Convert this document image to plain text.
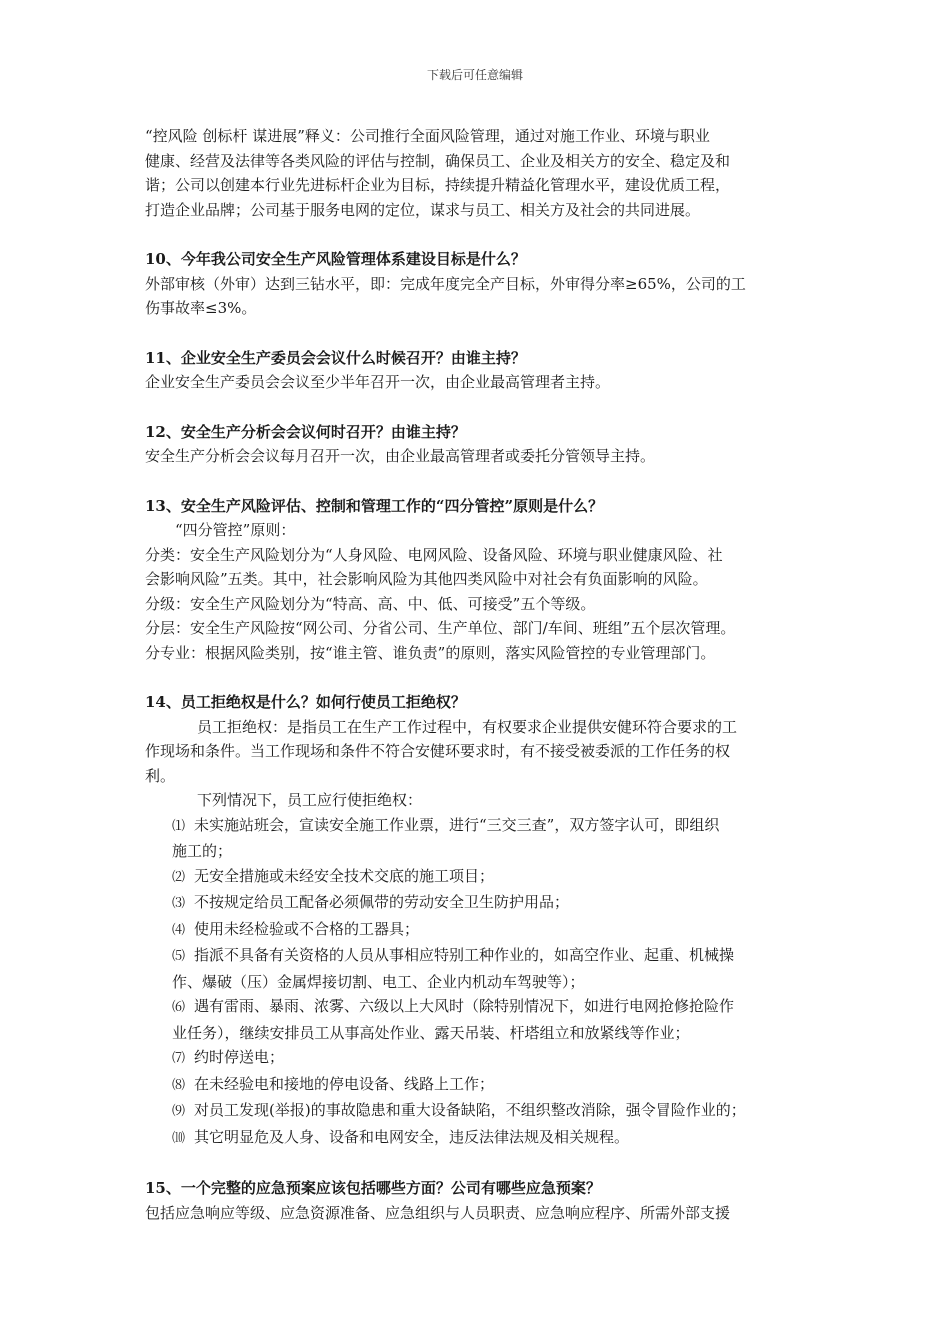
下载后可任意编辑

“控风险 创标杆 谋进展”释义：公司推行全面风险管理，通过对施工作业、环境与职业

健康、经营及法律等各类风险的评估与控制，确保员工、企业及相关方的安全、稳定及和

谐；公司以创建本行业先进标杆企业为目标，持续提升精益化管理水平，建设优质工程，

打造企业品牌；公司基于服务电网的定位，谋求与员工、相关方及社会的共同进展。

10、今年我公司安全生产风险管理体系建设目标是什么？

外部审核（外审）达到三钻水平，即：完成年度完全产目标，外审得分率≥65%，公司的工

伤事故率≤3%。

11、企业安全生产委员会会议什么时候召开？由谁主持？

企业安全生产委员会会议至少半年召开一次，由企业最高管理者主持。

12、安全生产分析会会议何时召开？由谁主持？

安全生产分析会会议每月召开一次，由企业最高管理者或委托分管领导主持。

13、安全生产风险评估、控制和管理工作的“四分管控”原则是什么？

“四分管控”原则：

分类：安全生产风险划分为“人身风险、电网风险、设备风险、环境与职业健康风险、社

会影响风险”五类。其中，社会影响风险为其他四类风险中对社会有负面影响的风险。

分级：安全生产风险划分为“特高、高、中、低、可接受”五个等级。

分层：安全生产风险按“网公司、分省公司、生产单位、部门/车间、班组”五个层次管理。

分专业：根据风险类别，按“谁主管、谁负责”的原则，落实风险管控的专业管理部门。

14、员工拒绝权是什么？如何行使员工拒绝权？

员工拒绝权：是指员工在生产工作过程中，有权要求企业提供安健环符合要求的工

作现场和条件。当工作现场和条件不符合安健环要求时，有不接受被委派的工作任务的权

利。

下列情况下，员工应行使拒绝权：

⑴ 未实施站班会，宣读安全施工作业票，进行“三交三查”，双方签字认可，即组织

施工的；

⑵ 无安全措施或未经安全技术交底的施工项目；

⑶ 不按规定给员工配备必须佩带的劳动安全卫生防护用品；

⑷ 使用未经检验或不合格的工器具；

⑸ 指派不具备有关资格的人员从事相应特别工种作业的，如高空作业、起重、机械操

作、爆破（压）金属焊接切割、电工、企业内机动车驾驶等）；

⑹ 遇有雷雨、暴雨、浓雾、六级以上大风时（除特别情况下，如进行电网抢修抢险作

业任务），继续安排员工从事高处作业、露天吊装、杆塔组立和放紧线等作业；

⑺ 约时停送电；

⑻ 在未经验电和接地的停电设备、线路上工作；

⑼ 对员工发现(举报)的事故隐患和重大设备缺陷，不组织整改消除，强令冒险作业的；

⑽ 其它明显危及人身、设备和电网安全，违反法律法规及相关规程。

15、一个完整的应急预案应该包括哪些方面？公司有哪些应急预案？

包括应急响应等级、应急资源准备、应急组织与人员职责、应急响应程序、所需外部支援
